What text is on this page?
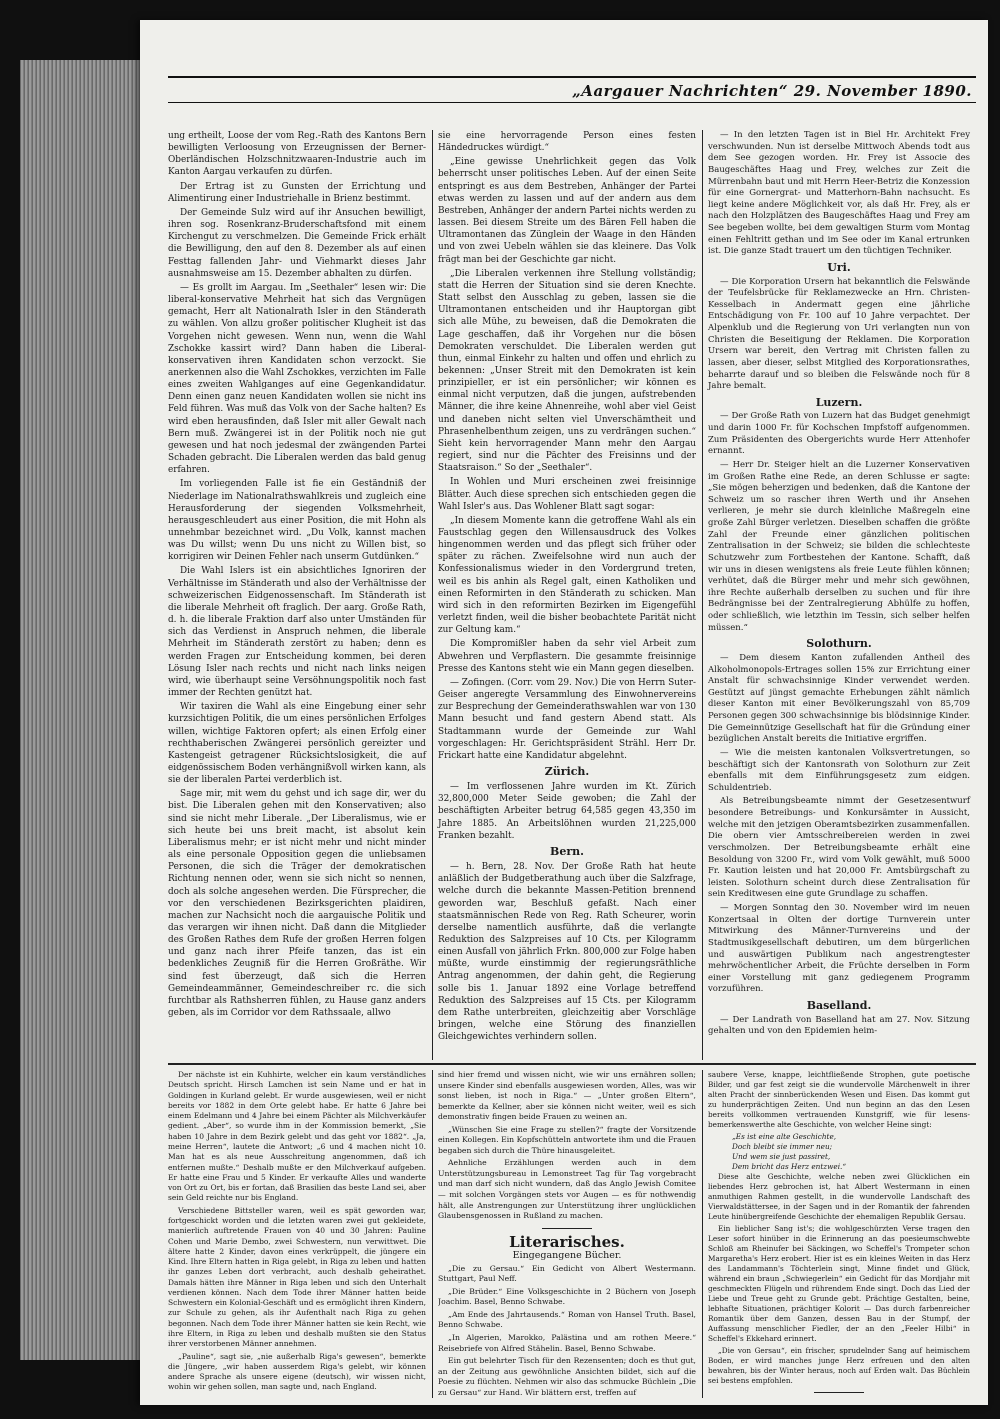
„Aargauer Nachrichten“ 29. November 1890.

ung ertheilt, Loose der vom Reg.-Rath des Kantons Bern bewilligten Verloosung von Erzeugnissen der Berner-Oberländischen Holzschnitzwaaren-Industrie auch im Kanton Aargau verkaufen zu dürfen.

Der Ertrag ist zu Gunsten der Errichtung und Alimentirung einer Industriehalle in Brienz bestimmt.

Der Gemeinde Sulz wird auf ihr Ansuchen bewilligt, ihren sog. Rosenkranz-Bruderschaftsfond mit einem Kirchengut zu verschmelzen. Die Gemeinde Frick erhält die Bewilligung, den auf den 8. Dezember als auf einen Festtag fallenden Jahr- und Viehmarkt dieses Jahr ausnahmsweise am 15. Dezember abhalten zu dürfen.

— Es grollt im Aargau. Im „Seethaler“ lesen wir: Die liberal-konservative Mehrheit hat sich das Vergnügen gemacht, Herr alt Nationalrath Isler in den Ständerath zu wählen. Von allzu großer politischer Klugheit ist das Vorgehen nicht gewesen. Wenn nun, wenn die Wahl Zschokke kassirt wird? Dann haben die Liberal-konservativen ihren Kandidaten schon verzockt. Sie anerkennen also die Wahl Zschokkes, verzichten im Falle eines zweiten Wahlganges auf eine Gegenkandidatur. Denn einen ganz neuen Kandidaten wollen sie nicht ins Feld führen. Was muß das Volk von der Sache halten? Es wird eben herausfinden, daß Isler mit aller Gewalt nach Bern muß. Zwängerei ist in der Politik noch nie gut gewesen und hat noch jedesmal der zwängenden Partei Schaden gebracht. Die Liberalen werden das bald genug erfahren.

Im vorliegenden Falle ist fie ein Geständniß der Niederlage im Nationalrathswahlkreis und zugleich eine Herausforderung der siegenden Volksmehrheit, herausgeschleudert aus einer Position, die mit Hohn als unnehmbar bezeichnet wird. „Du Volk, kannst machen was Du willst; wenn Du uns nicht zu Willen bist, so korrigiren wir Deinen Fehler nach unserm Gutdünken.“

Die Wahl Islers ist ein absichtliches Ignoriren der Verhältnisse im Ständerath und also der Verhältnisse der schweizerischen Eidgenossenschaft. Im Ständerath ist die liberale Mehrheit oft fraglich. Der aarg. Große Rath, d. h. die liberale Fraktion darf also unter Umständen für sich das Verdienst in Anspruch nehmen, die liberale Mehrheit im Ständerath zerstört zu haben; denn es werden Fragen zur Entscheidung kommen, bei deren Lösung Isler nach rechts und nicht nach links neigen wird, wie überhaupt seine Versöhnungspolitik noch fast immer der Rechten genützt hat.

Wir taxiren die Wahl als eine Eingebung einer sehr kurzsichtigen Politik, die um eines persönlichen Erfolges willen, wichtige Faktoren opfert; als einen Erfolg einer rechthaberischen Zwängerei persönlich gereizter und Kastengeist getragener Rücksichtslosigkeit, die auf eidgenössischem Boden verhängnißvoll wirken kann, als sie der liberalen Partei verderblich ist.

Sage mir, mit wem du gehst und ich sage dir, wer du bist. Die Liberalen gehen mit den Konservativen; also sind sie nicht mehr Liberale. „Der Liberalismus, wie er sich heute bei uns breit macht, ist absolut kein Liberalismus mehr; er ist nicht mehr und nicht minder als eine personale Opposition gegen die unliebsamen Personen, die sich die Träger der demokratischen Richtung nennen oder, wenn sie sich nicht so nennen, doch als solche angesehen werden. Die Fürsprecher, die vor den verschiedenen Bezirksgerichten plaidiren, machen zur Nachsicht noch die aargauische Politik und das verargen wir ihnen nicht. Daß dann die Mitglieder des Großen Rathes dem Rufe der großen Herren folgen und ganz nach ihrer Pfeife tanzen, das ist ein bedenkliches Zeugniß für die Herren Großräthe. Wir sind fest überzeugt, daß sich die Herren Gemeindeammänner, Gemeindeschreiber rc. die sich furchtbar als Rathsherren fühlen, zu Hause ganz anders geben, als im Corridor vor dem Rathssaale, allwo

sie eine hervorragende Person eines festen Händedruckes würdigt.“

„Eine gewisse Unehrlichkeit gegen das Volk beherrscht unser politisches Leben. Auf der einen Seite entspringt es aus dem Bestreben, Anhänger der Partei etwas werden zu lassen und auf der andern aus dem Bestreben, Anhänger der andern Partei nichts werden zu lassen. Bei diesem Streite um des Bären Fell haben die Ultramontanen das Zünglein der Waage in den Händen und von zwei Uebeln wählen sie das kleinere. Das Volk frägt man bei der Geschichte gar nicht.

„Die Liberalen verkennen ihre Stellung vollständig; statt die Herren der Situation sind sie deren Knechte. Statt selbst den Ausschlag zu geben, lassen sie die Ultramontanen entscheiden und ihr Hauptorgan gibt sich alle Mühe, zu beweisen, daß die Demokraten die Lage geschaffen, daß ihr Vorgehen nur die bösen Demokraten verschuldet. Die Liberalen werden gut thun, einmal Einkehr zu halten und offen und ehrlich zu bekennen: „Unser Streit mit den Demokraten ist kein prinzipieller, er ist ein persönlicher; wir können es einmal nicht verputzen, daß die jungen, aufstrebenden Männer, die ihre keine Ahnenreihe, wohl aber viel Geist und daneben nicht selten viel Unverschämtheit und Phrasenhelbenthum zeigen, uns zu verdrängen suchen.“ Sieht kein hervorragender Mann mehr den Aargau regiert, sind nur die Pächter des Freisinns und der Staatsraison.“ So der „Seethaler“.

In Wohlen und Muri erscheinen zwei freisinnige Blätter. Auch diese sprechen sich entschieden gegen die Wahl Isler's aus. Das Wohlener Blatt sagt sogar:

„In diesem Momente kann die getroffene Wahl als ein Faustschlag gegen den Willensausdruck des Volkes hingenommen werden und das pflegt sich früher oder später zu rächen. Zweifelsohne wird nun auch der Konfessionalismus wieder in den Vordergrund treten, weil es bis anhin als Regel galt, einen Katholiken und einen Reformirten in den Ständerath zu schicken. Man wird sich in den reformirten Bezirken im Eigengefühl verletzt finden, weil die bisher beobachtete Parität nicht zur Geltung kam.“

Die Kompromißler haben da sehr viel Arbeit zum Abwehren und Verpflastern. Die gesammte freisinnige Presse des Kantons steht wie ein Mann gegen dieselben.

— Zofingen. (Corr. vom 29. Nov.) Die von Herrn Suter-Geiser angeregte Versammlung des Einwohnervereins zur Besprechung der Gemeinderathswahlen war von 130 Mann besucht und fand gestern Abend statt. Als Stadtammann wurde der Gemeinde zur Wahl vorgeschlagen: Hr. Gerichtspräsident Strähl. Herr Dr. Frickart hatte eine Kandidatur abgelehnt.

Zürich.

— Im verflossenen Jahre wurden im Kt. Zürich 32,800,000 Meter Seide gewoben; die Zahl der beschäftigten Arbeiter betrug 64,585 gegen 43,350 im Jahre 1885. An Arbeitslöhnen wurden 21,225,000 Franken bezahlt.

Bern.

— h. Bern, 28. Nov. Der Große Rath hat heute anläßlich der Budgetberathung auch über die Salzfrage, welche durch die bekannte Massen-Petition brennend geworden war, Beschluß gefaßt. Nach einer staatsmännischen Rede von Reg. Rath Scheurer, worin derselbe namentlich ausführte, daß die verlangte Reduktion des Salzpreises auf 10 Cts. per Kilogramm einen Ausfall von jährlich Frkn. 800,000 zur Folge haben müßte, wurde einstimmig der regierungsräthliche Antrag angenommen, der dahin geht, die Regierung solle bis 1. Januar 1892 eine Vorlage betreffend Reduktion des Salzpreises auf 15 Cts. per Kilogramm dem Rathe unterbreiten, gleichzeitig aber Vorschläge bringen, welche eine Störung des finanziellen Gleichgewichtes verhindern sollen.

— In den letzten Tagen ist in Biel Hr. Architekt Frey verschwunden. Nun ist derselbe Mittwoch Abends todt aus dem See gezogen worden. Hr. Frey ist Associe des Baugeschäftes Haag und Frey, welches zur Zeit die Mürrenbahn baut und mit Herrn Heer-Betriz die Konzession für eine Gornergrat- und Matterhorn-Bahn nachsucht. Es liegt keine andere Möglichkeit vor, als daß Hr. Frey, als er nach den Holzplätzen des Baugeschäftes Haag und Frey am See begeben wollte, bei dem gewaltigen Sturm vom Montag einen Fehltritt gethan und im See oder im Kanal ertrunken ist. Die ganze Stadt trauert um den tüchtigen Techniker.

Uri.

— Die Korporation Ursern hat bekanntlich die Felswände der Teufelsbrücke für Reklamezwecke an Hrn. Christen-Kesselbach in Andermatt gegen eine jährliche Entschädigung von Fr. 100 auf 10 Jahre verpachtet. Der Alpenklub und die Regierung von Uri verlangten nun von Christen die Beseitigung der Reklamen. Die Korporation Ursern war bereit, den Vertrag mit Christen fallen zu lassen, aber dieser, selbst Mitglied des Korporationsrathes, beharrte darauf und so bleiben die Felswände noch für 8 Jahre bemalt.

Luzern.

— Der Große Rath von Luzern hat das Budget genehmigt und darin 1000 Fr. für Kochschen Impfstoff aufgenommen. Zum Präsidenten des Obergerichts wurde Herr Attenhofer ernannt.

— Herr Dr. Steiger hielt an die Luzerner Konservativen im Großen Rathe eine Rede, an deren Schlusse er sagte: „Sie mögen beherzigen und bedenken, daß die Kantone der Schweiz um so rascher ihren Werth und ihr Ansehen verlieren, je mehr sie durch kleinliche Maßregeln eine große Zahl Bürger verletzen. Dieselben schaffen die größte Zahl der Freunde einer gänzlichen politischen Zentralisation in der Schweiz; sie bilden die schlechteste Schutzwehr zum Fortbestehen der Kantone. Schafft, daß wir uns in diesen wenigstens als freie Leute fühlen können; verhütet, daß die Bürger mehr und mehr sich gewöhnen, ihre Rechte außerhalb derselben zu suchen und für ihre Bedrängnisse bei der Zentralregierung Abhülfe zu hoffen, oder schließlich, wie letzthin im Tessin, sich selber helfen müssen.“

Solothurn.

— Dem diesem Kanton zufallenden Antheil des Alkoholmonopols-Ertrages sollen 15% zur Errichtung einer Anstalt für schwachsinnige Kinder verwendet werden. Gestützt auf jüngst gemachte Erhebungen zählt nämlich dieser Kanton mit einer Bevölkerungszahl von 85,709 Personen gegen 300 schwachsinnige bis blödsinnige Kinder. Die Gemeinnützige Gesellschaft hat für die Gründung einer bezüglichen Anstalt bereits die Initiative ergriffen.

— Wie die meisten kantonalen Volksvertretungen, so beschäftigt sich der Kantonsrath von Solothurn zur Zeit ebenfalls mit dem Einführungsgesetz zum eidgen. Schuldentrieb.

Als Betreibungsbeamte nimmt der Gesetzesentwurf besondere Betreibungs- und Konkursämter in Aussicht, welche mit den jetzigen Oberamtsbezirken zusammenfallen. Die obern vier Amtsschreibereien werden in zwei verschmolzen. Der Betreibungsbeamte erhält eine Besoldung von 3200 Fr., wird vom Volk gewählt, muß 5000 Fr. Kaution leisten und hat 20,000 Fr. Amtsbürgschaft zu leisten. Solothurn scheint durch diese Zentralisation für sein Kreditwesen eine gute Grundlage zu schaffen.

— Morgen Sonntag den 30. November wird im neuen Konzertsaal in Olten der dortige Turnverein unter Mitwirkung des Männer-Turnvereins und der Stadtmusikgesellschaft debutiren, um dem bürgerlichen und auswärtigen Publikum nach angestrengtester mehrwöchentlicher Arbeit, die Früchte derselben in Form einer Vorstellung mit ganz gediegenem Programm vorzuführen.

Baselland.

— Der Landrath von Baselland hat am 27. Nov. Sitzung gehalten und von den Epidemien heim-

Der nächste ist ein Kuhhirte, welcher ein kaum verständliches Deutsch spricht. Hirsch Lamchen ist sein Name und er hat in Goldingen in Kurland gelebt. Er wurde ausgewiesen, weil er nicht bereits vor 1882 in dem Orte gelebt habe. Er hatte 6 Jahre bei einem Edelmann und 4 Jahre bei einem Pächter als Milchverkäufer gedient. „Aber“, so wurde ihm in der Kommission bemerkt, „Sie haben 10 Jahre in dem Bezirk gelebt und das geht vor 1882“. „Ja, meine Herren“, lautete die Antwort; „6 und 4 machen nicht 10. Man hat es als neue Ausschreitung angenommen, daß ich entfernen mußte.“ Deshalb mußte er den Milchverkauf aufgeben. Er hatte eine Frau und 5 Kinder. Er verkaufte Alles und wanderte von Ort zu Ort, bis er fortan, daß Brasilien das beste Land sei, aber sein Geld reichte nur bis England.

Verschiedene Bittsteller waren, weil es spät geworden war, fortgeschickt worden und die letzten waren zwei gut gekleidete, manierlich auftretende Frauen von 40 und 30 Jahren: Pauline Cohen und Marie Dembo, zwei Schwestern, nun verwittwet. Die ältere hatte 2 Kinder, davon eines verkrüppelt, die jüngere ein Kind. Ihre Eltern hatten in Riga gelebt, in Riga zu leben und hatten ihr ganzes Leben dort verbracht, auch deshalb geheirathet. Damals hätten ihre Männer in Riga leben und sich den Unterhalt verdienen können. Nach dem Tode ihrer Männer hatten beide Schwestern ein Kolonial-Geschäft und es ermöglicht ihren Kindern, zur Schule zu gehen, als ihr Aufenthalt nach Riga zu gehen begonnen. Nach dem Tode ihrer Männer hatten sie kein Recht, wie ihre Eltern, in Riga zu leben und deshalb mußten sie den Status ihrer verstorbenen Männer annehmen.

„Pauline“, sagt sie, „nie außerhalb Riga's gewesen“, bemerkte die Jüngere, „wir haben ausserdem Riga's gelebt, wir können andere Sprache als unsere eigene (deutsch), wir wissen nicht, wohin wir gehen sollen, man sagte und, nach England.

sind hier fremd und wissen nicht, wie wir uns ernähren sollen; unsere Kinder sind ebenfalls ausgewiesen worden, Alles, was wir sonst lieben, ist noch in Riga.“ — „Unter großen Eltern“, bemerkte da Kellner, aber sie können nicht weiter, weil es sich demonstrativ fingen beide Frauen zu weinen an.

„Wünschen Sie eine Frage zu stellen?“ fragte der Vorsitzende einen Kollegen. Ein Kopfschütteln antwortete ihm und die Frauen begaben sich durch die Thüre hinausgeleitet.

Aehnliche Erzählungen werden auch in dem Unterstützungsbureau in Lemonstreet Tag für Tag vorgebracht und man darf sich nicht wundern, daß das Anglo Jewish Comitee — mit solchen Vorgängen stets vor Augen — es für nothwendig hält, alle Anstrengungen zur Unterstützung ihrer unglücklichen Glaubensgenossen in Rußland zu machen.

Literarisches.
Eingegangene Bücher.

„Die zu Gersau.“ Ein Gedicht von Albert Westermann. Stuttgart, Paul Neff.

„Die Brüder.“ Eine Volksgeschichte in 2 Büchern von Joseph Joachim. Basel, Benno Schwabe.

„Am Ende des Jahrtausends.“ Roman von Hansel Truth. Basel, Benno Schwabe.

„In Algerien, Marokko, Palästina und am rothen Meere.“ Reisebriefe von Alfred Stähelin. Basel, Benno Schwabe.

Ein gut belehrter Tisch für den Rezensenten; doch es thut gut, an der Zeitung aus gewöhnliche Ansichten bildet, sich auf die Poesie zu flüchten. Nehmen wir also das schmucke Büchlein „Die zu Gersau“ zur Hand. Wir blättern erst, treffen auf

saubere Verse, knappe, leichtfließende Strophen, gute poetische Bilder, und gar fest zeigt sie die wundervolle Märchenwelt in ihrer alten Pracht der sinnberückenden Wesen und Eisen. Das kommt gut zu hunderprächtigen Zeiten. Und nun beginn an das den Lesen bereits vollkommen vertrauenden Kunstgriff, wie für lesens- bemerkenswerthe alte Geschichte, von welcher Heine singt:

„Es ist eine alte Geschichte,
Doch bleibt sie immer neu;
Und wem sie just passiret,
Dem bricht das Herz entzwei.“

Diese alte Geschichte, welche neben zwei Glücklichen ein liebendes Herz gebrochen ist, hat Albert Westermann in einen anmuthigen Rahmen gestellt, in die wundervolle Landschaft des Vierwaldstättersee, in der Sagen und in der Romantik der fahrenden Leute hinübergreifende Geschichte der ehemaligen Republik Gersau.

Ein lieblicher Sang ist's; die wohlgeschürzten Verse tragen den Leser sofort hinüber in die Erinnerung an das poesieumschwebte Schloß am Rheinufer bei Säckingen, wo Scheffel's Trompeter schon Margaretha's Herz erobert. Hier ist es ein kleines Weiten in das Herz des Landammann's Töchterlein singt, Minne findet und Glück, während ein braun „Schwiegerlein“ ein Gedicht für das Mordjahr mit geschmeckten Flügeln und rührendem Ende singt. Doch das Lied der Liebe und Treue geht zu Grunde gebt. Prächtige Gestalten, beine, lebhafte Situationen, prächtiger Kolorit — Das durch farbenreicher Romantik über dem Ganzen, dessen Bau in der Stumpf, der Auffassung menschlicher Fiedler, der an den „Feeler Hilbi“ in Scheffel's Ekkehard erinnert.

„Die von Gersau“, ein frischer, sprudelnder Sang auf heimischem Boden, er wird manches junge Herz erfreuen und den alten bewahren, bis der Winter heraus, noch auf Erden walt. Das Büchlein sei bestens empfohlen.
